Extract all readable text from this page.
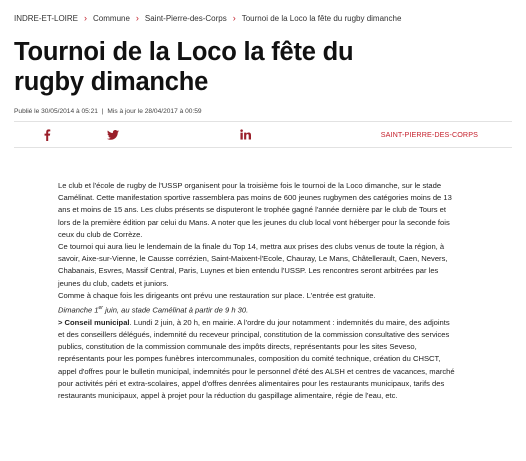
INDRE-ET-LOIRE › Commune › Saint-Pierre-des-Corps › Tournoi de la Loco la fête du rugby dimanche
Tournoi de la Loco la fête du rugby dimanche
Publié le 30/05/2014 à 05:21 | Mis à jour le 28/04/2017 à 00:59
SAINT-PIERRE-DES-CORPS

Le club et l'école de rugby de l'USSP organisent pour la troisième fois le tournoi de la Loco dimanche, sur le stade Camélinat. Cette manifestation sportive rassemblera pas moins de 600 jeunes rugbymen des catégories moins de 13 ans et moins de 15 ans. Les clubs présents se disputeront le trophée gagné l'année dernière par le club de Tours et lors de la première édition par celui du Mans. A noter que les jeunes du club local vont héberger pour la seconde fois ceux du club de Corrèze.

Ce tournoi qui aura lieu le lendemain de la finale du Top 14, mettra aux prises des clubs venus de toute la région, à savoir, Aixe-sur-Vienne, le Causse corrézien, Saint-Maixent-l'Ecole, Chauray, Le Mans, Châtellerault, Caen, Nevers, Chabanais, Esvres, Massif Central, Paris, Luynes et bien entendu l'USSP. Les rencontres seront arbitrées par les jeunes du club, cadets et juniors.

Comme à chaque fois les dirigeants ont prévu une restauration sur place. L'entrée est gratuite.

Dimanche 1er juin, au stade Camélinat à partir de 9 h 30.

> Conseil municipal. Lundi 2 juin, à 20 h, en mairie. A l'ordre du jour notamment : indemnités du maire, des adjoints et des conseillers délégués, indemnité du receveur principal, constitution de la commission consultative des services publics, constitution de la commission communale des impôts directs, représentants pour les sites Seveso, représentants pour les pompes funèbres intercommunales, composition du comité technique, création du CHSCT, appel d'offres pour le bulletin municipal, indemnités pour le personnel d'été des ALSH et centres de vacances, marché pour activités péri et extra-scolaires, appel d'offres denrées alimentaires pour les restaurants municipaux, tarifs des restaurants municipaux, appel à projet pour la réduction du gaspillage alimentaire, régie de l'eau, etc.
